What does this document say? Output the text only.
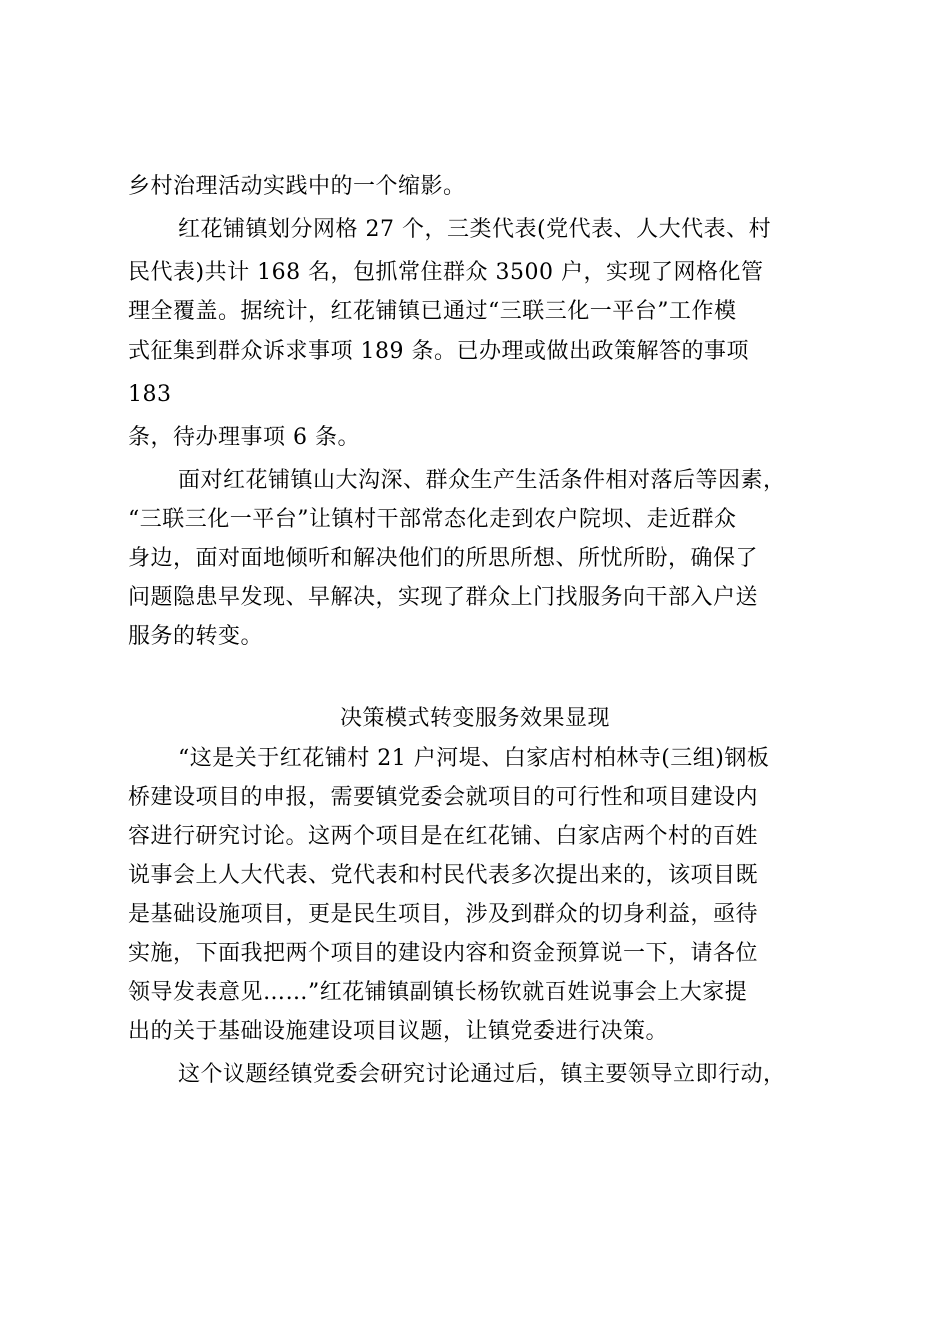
乡村治理活动实践中的一个缩影。
红花铺镇划分网格 27 个，三类代表(党代表、人大代表、村
民代表)共计 168 名，包抓常住群众 3500 户，实现了网格化管
理全覆盖。据统计，红花铺镇已通过“三联三化一平台”工作模
式征集到群众诉求事项 189 条。已办理或做出政策解答的事项
183
条，待办理事项 6 条。
面对红花铺镇山大沟深、群众生产生活条件相对落后等因素，
“三联三化一平台”让镇村干部常态化走到农户院坝、走近群众
身边，面对面地倾听和解决他们的所思所想、所忧所盼，确保了
问题隐患早发现、早解决，实现了群众上门找服务向干部入户送
服务的转变。
决策模式转变服务效果显现
“这是关于红花铺村 21 户河堤、白家店村柏林寺(三组)钢板
桥建设项目的申报，需要镇党委会就项目的可行性和项目建设内
容进行研究讨论。这两个项目是在红花铺、白家店两个村的百姓
说事会上人大代表、党代表和村民代表多次提出来的，该项目既
是基础设施项目，更是民生项目，涉及到群众的切身利益，亟待
实施，下面我把两个项目的建设内容和资金预算说一下，请各位
领导发表意见……”红花铺镇副镇长杨钦就百姓说事会上大家提
出的关于基础设施建设项目议题，让镇党委进行决策。
这个议题经镇党委会研究讨论通过后，镇主要领导立即行动，
